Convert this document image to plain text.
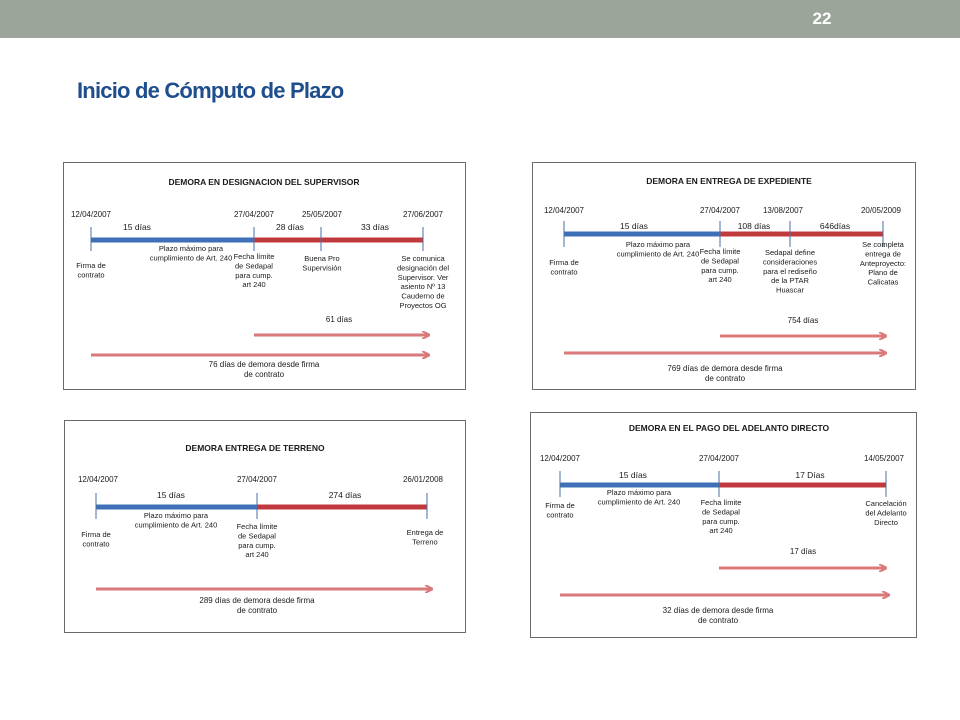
22
Inicio de Cómputo de Plazo
DEMORA EN DESIGNACION DEL SUPERVISOR
12/04/2007	27/04/2007	25/05/2007	27/06/2007
15 días	28 días	33 días
Firma de contrato
Plazo máximo para cumplimiento de Art. 240 Fecha límite de Sedapal para cump. art 240
Buena Pro Supervisión
Se comunica designación del Supervisor. Ver asiento Nº 13 Cauderno de Proyectos OG
61 días
76 días de demora desde firma de contrato
DEMORA EN ENTREGA DE EXPEDIENTE
12/04/2007	27/04/2007	13/08/2007	20/05/2009
15 días	108 días	646días
Firma de contrato
Plazo máximo para cumplimiento de Art. 240 Fecha límite de Sedapal para cump. art 240
Sedapal define consideraciones para el rediseño de la PTAR Huascar
Se completa entrega de Anteproyecto: Plano de Calicatas
754 días
769 días de demora desde firma de contrato
DEMORA ENTREGA DE TERRENO
12/04/2007	27/04/2007	26/01/2008
15 días	274 días
Firma de contrato
Plazo máximo para cumplimiento de Art. 240	Fecha límite de Sedapal para cump. art 240
Entrega de Terreno
289 días de demora desde firma de contrato
DEMORA EN EL PAGO DEL ADELANTO DIRECTO
12/04/2007	27/04/2007	14/05/2007
15 días	17 Días
Firma de contrato
Plazo máximo para cumplimiento de Art. 240	Fecha límite de Sedapal para cump. art 240
Cancelación del Adelanto Directo
17 días
32 días de demora desde firma de contrato
